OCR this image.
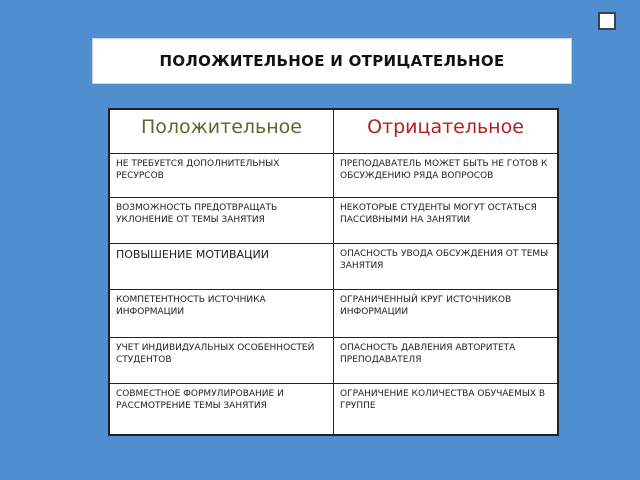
ПОЛОЖИТЕЛЬНОЕ И ОТРИЦАТЕЛЬНОЕ
Положительное	Отрицательное
НЕ ТРЕБУЕТСЯ ДОПОЛНИТЕЛЬНЫХ РЕСУРСОВ	ПРЕПОДАВАТЕЛЬ МОЖЕТ БЫТЬ НЕ ГОТОВ К ОБСУЖДЕНИЮ РЯДА ВОПРОСОВ
ВОЗМОЖНОСТЬ ПРЕДОТВРАЩАТЬ УКЛОНЕНИЕ ОТ ТЕМЫ ЗАНЯТИЯ	НЕКОТОРЫЕ СТУДЕНТЫ МОГУТ ОСТАТЬСЯ ПАССИВНЫМИ НА ЗАНЯТИИ
ПОВЫШЕНИЕ МОТИВАЦИИ	ОПАСНОСТЬ УВОДА ОБСУЖДЕНИЯ ОТ ТЕМЫ ЗАНЯТИЯ
КОМПЕТЕНТНОСТЬ ИСТОЧНИКА ИНФОРМАЦИИ	ОГРАНИЧЕННЫЙ КРУГ ИСТОЧНИКОВ ИНФОРМАЦИИ
УЧЕТ ИНДИВИДУАЛЬНЫХ ОСОБЕННОСТЕЙ СТУДЕНТОВ	ОПАСНОСТЬ ДАВЛЕНИЯ АВТОРИТЕТА ПРЕПОДАВАТЕЛЯ
СОВМЕСТНОЕ ФОРМУЛИРОВАНИЕ И РАССМОТРЕНИЕ ТЕМЫ ЗАНЯТИЯ	ОГРАНИЧЕНИЕ КОЛИЧЕСТВА ОБУЧАЕМЫХ В ГРУППЕ
